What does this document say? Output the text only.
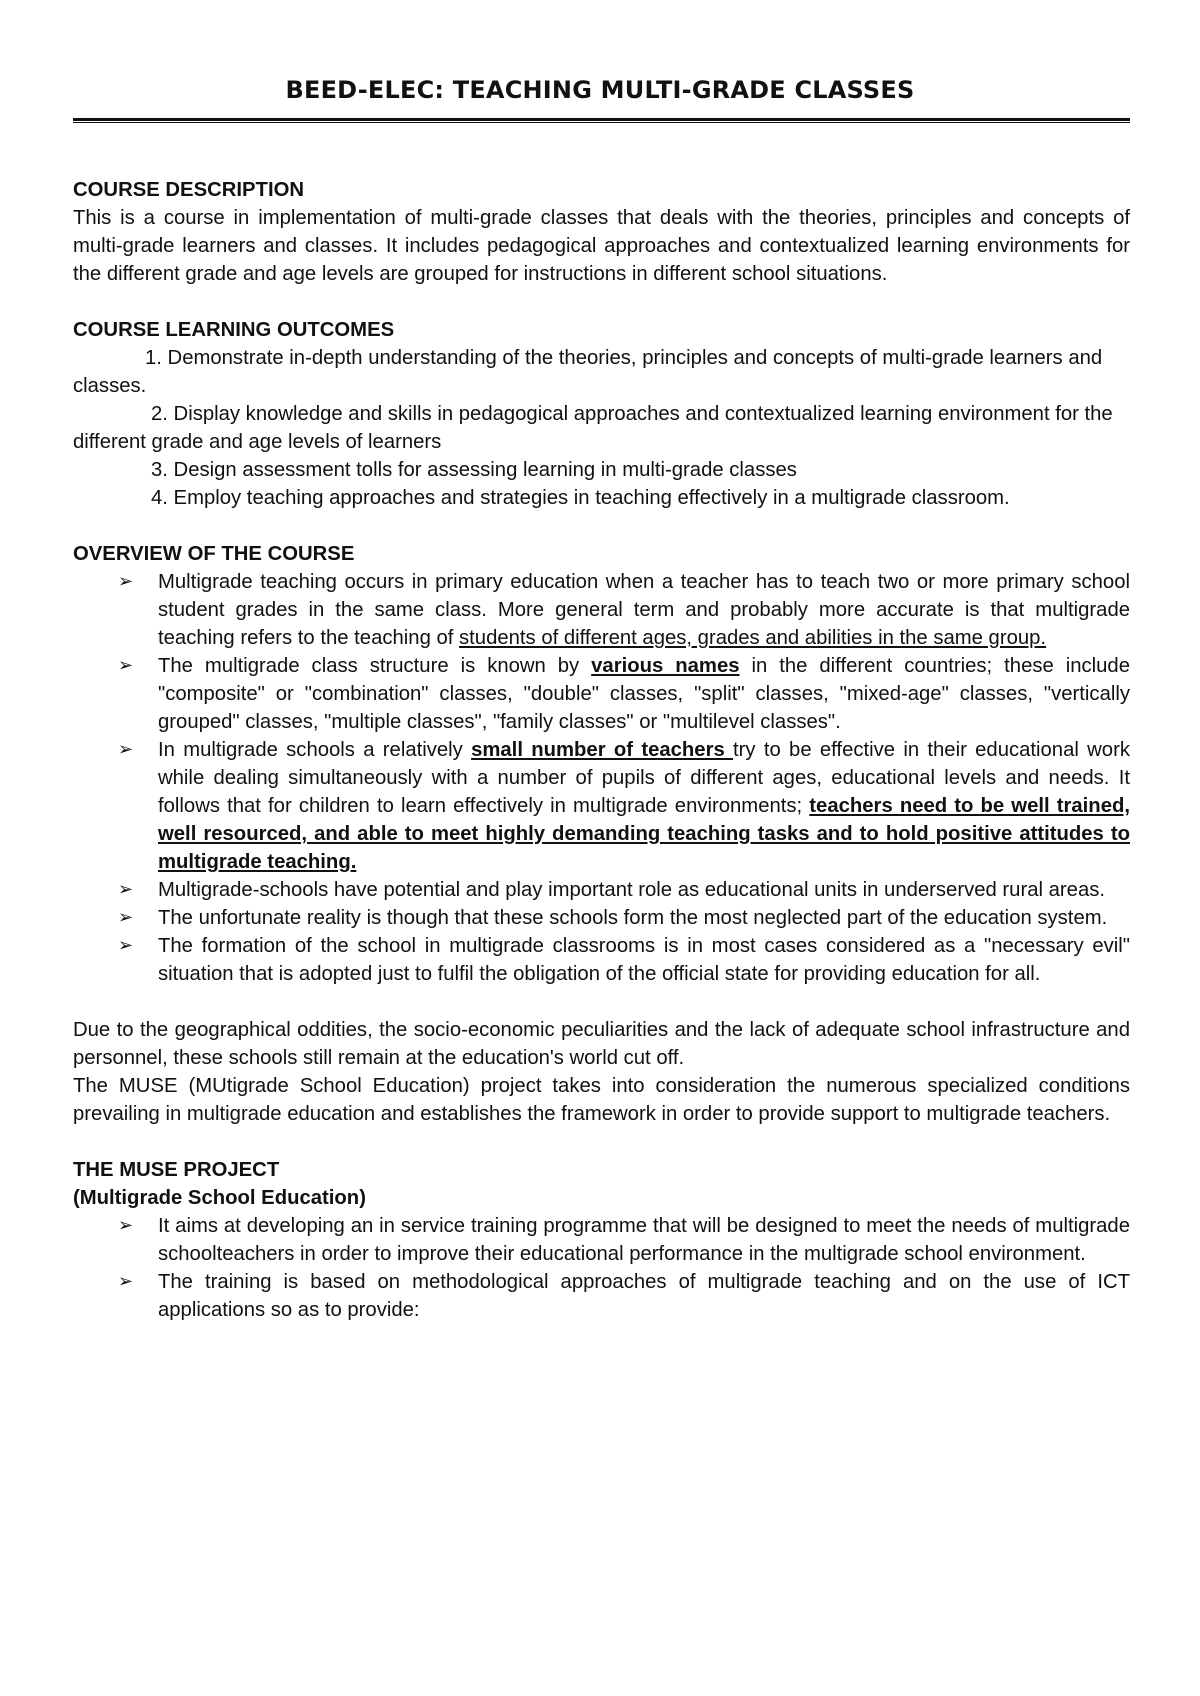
BEED-ELEC: TEACHING MULTI-GRADE CLASSES
COURSE DESCRIPTION

This is a course in implementation of multi-grade classes that deals with the theories, principles and concepts of multi-grade learners and classes. It includes pedagogical approaches and contextualized learning environments for the different grade and age levels are grouped for instructions in different school situations.

COURSE LEARNING OUTCOMES

1. Demonstrate in-depth understanding of the theories, principles and concepts of multi-grade learners and classes.

2. Display knowledge and skills in pedagogical approaches and contextualized learning environment for the different grade and age levels of learners

3. Design assessment tolls for assessing learning in multi-grade classes

4. Employ teaching approaches and strategies in teaching effectively in a multigrade classroom.

OVERVIEW OF THE COURSE
➢ Multigrade teaching occurs in primary education when a teacher has to teach two or more primary school student grades in the same class. More general term and probably more accurate is that multigrade teaching refers to the teaching of students of different ages, grades and abilities in the same group.
➢ The multigrade class structure is known by various names in the different countries; these include "composite" or "combination" classes, "double" classes, "split" classes, "mixed-age" classes, "vertically grouped" classes, "multiple classes", "family classes" or "multilevel classes".
➢ In multigrade schools a relatively small number of teachers try to be effective in their educational work while dealing simultaneously with a number of pupils of different ages, educational levels and needs. It follows that for children to learn effectively in multigrade environments; teachers need to be well trained, well resourced, and able to meet highly demanding teaching tasks and to hold positive attitudes to multigrade teaching.
➢ Multigrade-schools have potential and play important role as educational units in underserved rural areas.
➢ The unfortunate reality is though that these schools form the most neglected part of the education system.
➢ The formation of the school in multigrade classrooms is in most cases considered as a "necessary evil" situation that is adopted just to fulfil the obligation of the official state for providing education for all.

Due to the geographical oddities, the socio-economic peculiarities and the lack of adequate school infrastructure and personnel, these schools still remain at the education's world cut off.

The MUSE (MUtigrade School Education) project takes into consideration the numerous specialized conditions prevailing in multigrade education and establishes the framework in order to provide support to multigrade teachers.

THE MUSE PROJECT
(Multigrade School Education)
➢ It aims at developing an in service training programme that will be designed to meet the needs of multigrade schoolteachers in order to improve their educational performance in the multigrade school environment.
➢ The training is based on methodological approaches of multigrade teaching and on the use of ICT applications so as to provide:
